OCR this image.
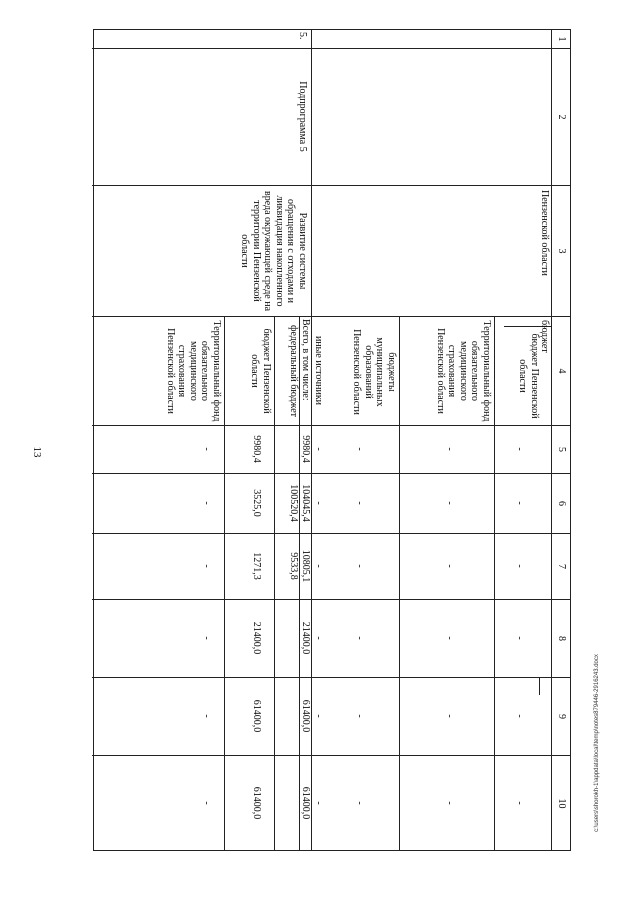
13
c:\users\shorokh-1\appdata\local\temp\notes879446-2916243.docx
1
2
3
4
5
6
7
8
9
10
Пензенской области
бюджет
бюджет Пензенской области
-
-
-
-
-
-
Территориальный фонд обязательного медицинского страхования Пензенской области
-
-
-
-
-
-
бюджеты муниципальных образований Пензенской области
-
-
-
-
-
-
иные источники
-
-
-
-
-
-
5.
Подпрограмма 5
Развитие системы обращения с отходами и ликвидация накопленного вреда окружающей среде на территории Пензенской области
Всего, в том числе:
9980,4
104045,4
10805,1
21400,0
61400,0
61400,0
федеральный бюджет
100520,4
9533,8
бюджет Пензенской области
9980,4
3525,0
1271,3
21400,0
61400,0
61400,0
Территориальный фонд обязательного медицинского страхования Пензенской области
-
-
-
-
-
-
